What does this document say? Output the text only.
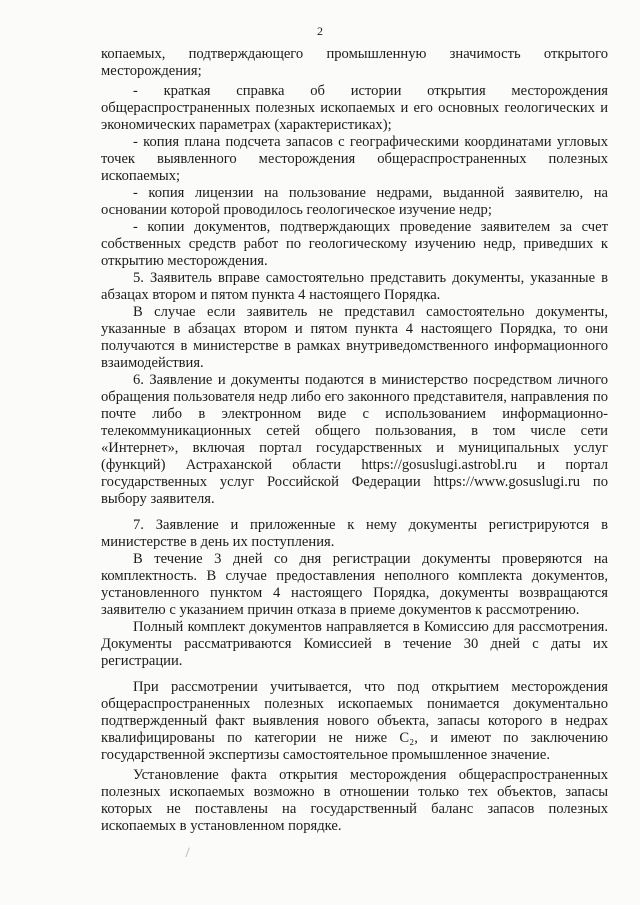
2

копаемых, подтверждающего промышленную значимость открытого месторождения;

- краткая справка об истории открытия месторождения общераспространенных полезных ископаемых и его основных геологических и экономических параметрах (характеристиках);

- копия плана подсчета запасов с географическими координатами угловых точек выявленного месторождения общераспространенных полезных ископаемых;

- копия лицензии на пользование недрами, выданной заявителю, на основании которой проводилось геологическое изучение недр;

- копии документов, подтверждающих проведение заявителем за счет собственных средств работ по геологическому изучению недр, приведших к открытию месторождения.

5. Заявитель вправе самостоятельно представить документы, указанные в абзацах втором и пятом пункта 4 настоящего Порядка.

В случае если заявитель не представил самостоятельно документы, указанные в абзацах втором и пятом пункта 4 настоящего Порядка, то они получаются в министерстве в рамках внутриведомственного информационного взаимодействия.

6. Заявление и документы подаются в министерство посредством личного обращения пользователя недр либо его законного представителя, направления по почте либо в электронном виде с использованием информационно-телекоммуникационных сетей общего пользования, в том числе сети «Интернет», включая портал государственных и муниципальных услуг (функций) Астраханской области https://gosuslugi.astrobl.ru и портал государственных услуг Российской Федерации https://www.gosuslugi.ru по выбору заявителя.

7. Заявление и приложенные к нему документы регистрируются в министерстве в день их поступления.

В течение 3 дней со дня регистрации документы проверяются на комплектность. В случае предоставления неполного комплекта документов, установленного пунктом 4 настоящего Порядка, документы возвращаются заявителю с указанием причин отказа в приеме документов к рассмотрению.

Полный комплект документов направляется в Комиссию для рассмотрения. Документы рассматриваются Комиссией в течение 30 дней с даты их регистрации.

При рассмотрении учитывается, что под открытием месторождения общераспространенных полезных ископаемых понимается документально подтвержденный факт выявления нового объекта, запасы которого в недрах квалифицированы по категории не ниже C₂, и имеют по заключению государственной экспертизы самостоятельное промышленное значение.

Установление факта открытия месторождения общераспространенных полезных ископаемых возможно в отношении только тех объектов, запасы которых не поставлены на государственный баланс запасов полезных ископаемых в установленном порядке.
